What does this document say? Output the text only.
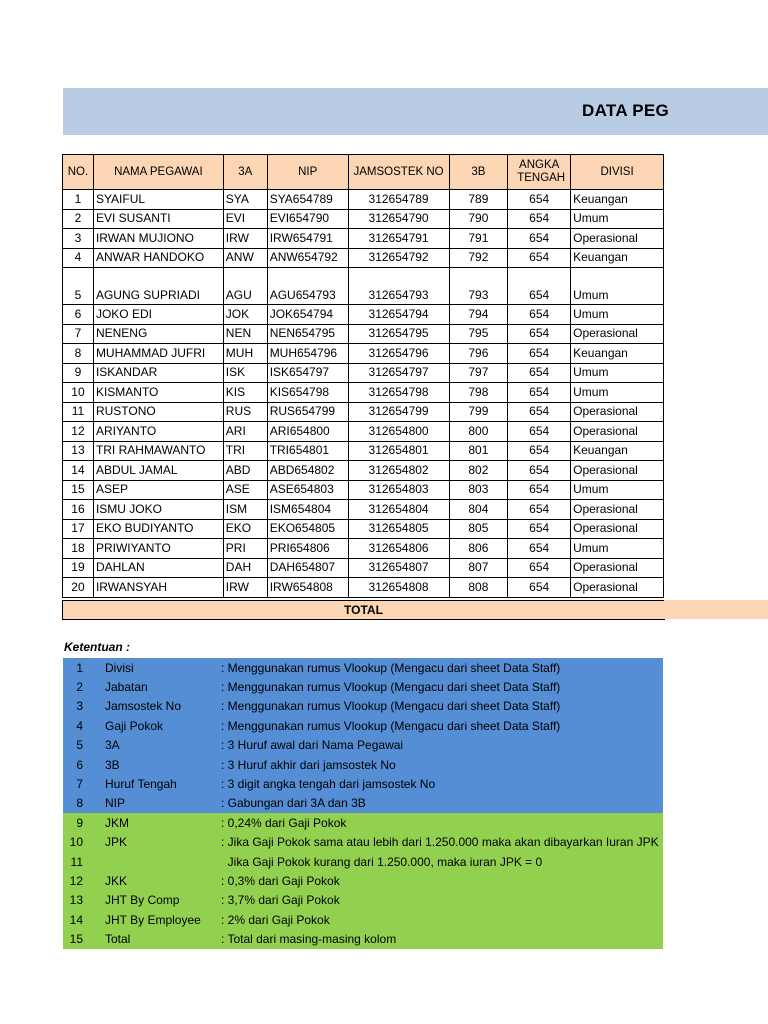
DATA PEG
NO.	NAMA PEGAWAI	3A	NIP	JAMSOSTEK NO	3B	ANGKA TENGAH	DIVISI
1	SYAIFUL	SYA	SYA654789	312654789	789	654	Keuangan
2	EVI SUSANTI	EVI	EVI654790	312654790	790	654	Umum
3	IRWAN MUJIONO	IRW	IRW654791	312654791	791	654	Operasional
4	ANWAR HANDOKO	ANW	ANW654792	312654792	792	654	Keuangan
5	AGUNG SUPRIADI	AGU	AGU654793	312654793	793	654	Umum
6	JOKO EDI	JOK	JOK654794	312654794	794	654	Umum
7	NENENG	NEN	NEN654795	312654795	795	654	Operasional
8	MUHAMMAD JUFRI	MUH	MUH654796	312654796	796	654	Keuangan
9	ISKANDAR	ISK	ISK654797	312654797	797	654	Umum
10	KISMANTO	KIS	KIS654798	312654798	798	654	Umum
11	RUSTONO	RUS	RUS654799	312654799	799	654	Operasional
12	ARIYANTO	ARI	ARI654800	312654800	800	654	Operasional
13	TRI RAHMAWANTO	TRI	TRI654801	312654801	801	654	Keuangan
14	ABDUL JAMAL	ABD	ABD654802	312654802	802	654	Operasional
15	ASEP	ASE	ASE654803	312654803	803	654	Umum
16	ISMU JOKO	ISM	ISM654804	312654804	804	654	Operasional
17	EKO BUDIYANTO	EKO	EKO654805	312654805	805	654	Operasional
18	PRIWIYANTO	PRI	PRI654806	312654806	806	654	Umum
19	DAHLAN	DAH	DAH654807	312654807	807	654	Operasional
20	IRWANSYAH	IRW	IRW654808	312654808	808	654	Operasional
TOTAL
Ketentuan :
1	Divisi	: Menggunakan rumus Vlookup (Mengacu dari sheet Data Staff)
2	Jabatan	: Menggunakan rumus Vlookup (Mengacu dari sheet Data Staff)
3	Jamsostek No	: Menggunakan rumus Vlookup (Mengacu dari sheet Data Staff)
4	Gaji Pokok	: Menggunakan rumus Vlookup (Mengacu dari sheet Data Staff)
5	3A	: 3 Huruf awal dari Nama Pegawai
6	3B	: 3 Huruf akhir dari jamsostek No
7	Huruf Tengah	: 3 digit angka tengah dari jamsostek No
8	NIP	: Gabungan dari 3A dan 3B
9	JKM	: 0,24% dari Gaji Pokok
10	JPK	: Jika Gaji Pokok sama atau lebih dari 1.250.000 maka akan dibayarkan Iuran JPK
11		Jika Gaji Pokok kurang dari 1.250.000, maka iuran JPK = 0
12	JKK	: 0,3% dari Gaji Pokok
13	JHT By Comp	: 3,7% dari Gaji Pokok
14	JHT By Employee	: 2% dari Gaji Pokok
15	Total	: Total dari masing-masing kolom
